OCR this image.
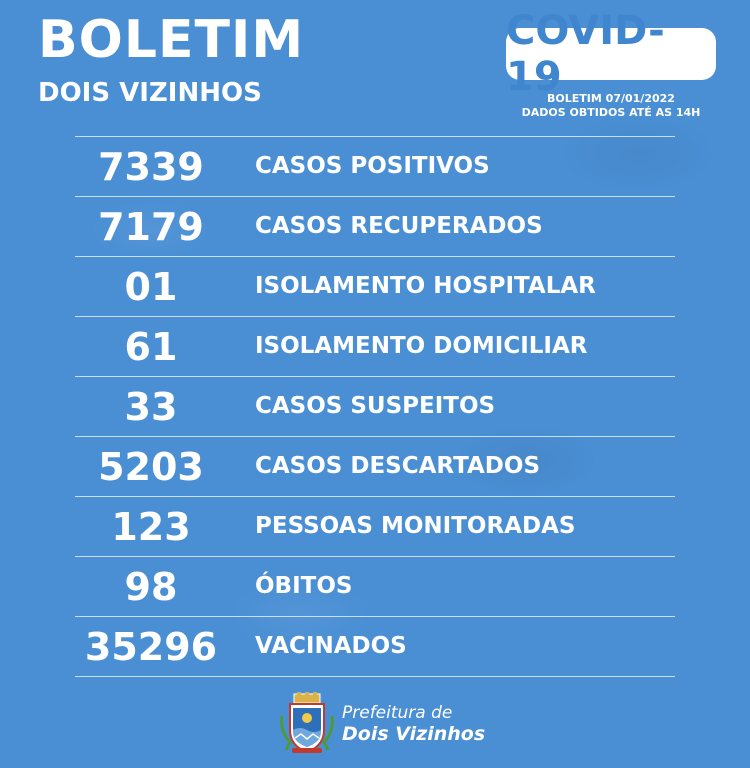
BOLETIM
DOIS VIZINHOS
COVID-19
BOLETIM 07/01/2022
DADOS OBTIDOS ATÉ AS 14H
7339	CASOS POSITIVOS
7179	CASOS RECUPERADOS
01	ISOLAMENTO HOSPITALAR
61	ISOLAMENTO DOMICILIAR
33	CASOS SUSPEITOS
5203	CASOS DESCARTADOS
123	PESSOAS MONITORADAS
98	ÓBITOS
35296	VACINADOS
Prefeitura de
Dois Vizinhos
